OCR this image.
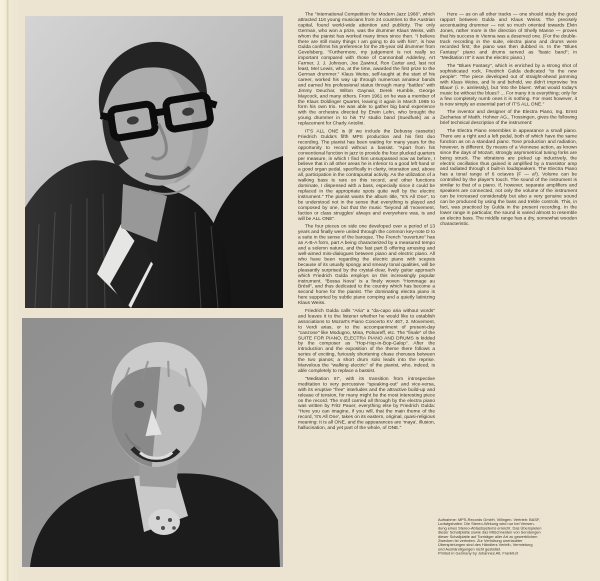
The "International Competition for Modern Jazz 1966", which attracted 116 young musicians from 24 countries to the Austrian capital, found world-wide attention and publicity. The only German, who won a prize, was the drummer Klaus Weiss, with whom the pianist has worked many times since then. "I believe there are still many things I am going to do with him", is how Gulda confirms his preference for the 25-year old drummer from Gevelsberg. "Furthermore, my judgement is not really so important compared with those of Cannonball Adderley, Art Farmer, J. J. Johnson, Joe Zawinul, Ron Carter and, last not least, Mel Lewis, who, at the time, awarded the first prize to the German drummer." Klaus Weiss, self-taught at the start of his career, worked his way up through numerous amateur bands and earned his professional status through many "battles" with Jimmy Deuchar, Wilton Gaynair, Derek Humble, George Maycock, and many others. From 1961 on he was a member of the Klaus Doldinger Quartet, leaving it again in March 1965 to form his own trio. He was able to gather big band experience with the orchestra directed by Erwin Lehn, who brought the young drummer in to his TV studio band (Suedfunk) as a replacement for Charly Antolini.

IT'S ALL ONE is (if we include the Debussy cassette) Friedrich Gulda's fifth MPS production and his first duo recording. The pianist has been waiting for many years for the opportunity to record without a bassist. "Apart from his conventional function in jazz to provide the four plucked quarters per measure, in which I find him unsurpassed now as before, I believe that in all other areas he is inferior to a good left hand or a good organ pedal, specifically in clarity, intonation and, above all, participation in the contrapuntal activity. As the utilization of a walking bass is rare on this record, and other functions dominate, I dispensed with a bass, especially since it could be replaced in the appropriate spots quite well by the electric instrument." The pianist wants the album title, "It's All One", to be understood not in the sense that everything is played and composed by one, but that the music "beyond all 'movement, faction or class struggles' always and everywhere was, is and will be ALL ONE".

The four pieces on side one developed over a period of 13 years and finally were united through the common key-note D to a suite in the sense of the baroque. The French "ouverture" has an A-B-A form, part A being characterized by a measured tempo and a solemn nature, and the fast part B offering amusing and well-aimed mini-dialogues between piano and electric piano. All who have been regarding the electric piano with scepsis because of its usually spongy and smeary tonal qualities, will be pleasantly surprised by the crystal-clear, lively guitar approach which Friedrich Gulda employs on this increasingly popular instrument. "Bossa Nova" is a finely woven "Hommage au Brésil", and thus dedicated to the country which has become a second home for the pianist. The dominating electra piano is here supported by subtle piano comping and a quietly latinizing Klaus Weiss.

Friedrich Gulda calls "Aria" a "da-capo aria without words" and leaves it to the listener whether he would like to establish associations to Mozart's Piano Concerto KV 467, 2. Movement, to Verdi arias, or to the accompaniment of present-day "canzone" like Modugno, Mina, Polnareff, etc. The "finale" of the SUITE FOR PIANO, ELECTRA PIANO AND DRUMS is kidded by the composer as "Hop-Hop-in-Bop-Galop". After the introduction and the exposition of the theme there follows a series of exciting, furiously shortening chase choruses between the two pianos; a short drum solo leads into the reprise. Marvelous the "walking electric" of the pianist, who, indeed, is able completely to replace a bassist.

"Meditation III", with its transition from introspective meditation to very percussive "speaking-out" and vice-versa, with its eruptive "free" interludes and the attractive build-up and release of tension, for many might be the most interesting piece on the record. The motif carried all through by the electra piano was written by Fritz Pauer, everything else by Friedrich Gulda: "Here you can imagine, if you will, that the main theme of the record, 'It's All One', takes on its eastern, original, quasi-religious meaning: It is all ONE, and the appearances are 'maya', illusion, hallucination, and yet part of the whole, of ONE."

Here — as on all other tracks — one should study the good rapport between Gulda and Klaus Weiss. The precisely accentuating drummer — not so much oriented towards Elvin Jones, rather more in the direction of Shelly Manne — proves that his success in Vienna was a deserved one. (For the double-track recording in the suite, electra piano and drums were recorded first; the piano was then dubbed in. In the "Blues Fantasy" piano and drums served as "basic band"; in "Meditation III" it was the electric piano.)

The "Blues Fantasy", which is enriched by a strong shot of sophisticated rock, Friedrich Gulda dedicated "to the new people": "The piece developed out of straight-ahead jamming with Klaus Weiss, and lo and behold, we didn't improvise 'ins Blaue' (i. e. aimlessly), but 'into the blues'. What would today's music be without the blues? ... For many it is everything; only for a few completely numb ones it is nothing. For most however, it is now simply an essential part of IT'S ALL ONE."

The inventor and designer of the Electra Piano, Ing. Ernst Zacharias of Matth. Hohner AG., Trossingen, gives the following brief technical description of the instrument:

The Electra Piano resembles in appearance a small piano. There are a right and a left pedal, both of which have the same function as on a standard piano. Tone production and radiation, however, is different. By means of a Viennese action, as known since the days of Mozart, strongly asymmetrical tuning forks are being struck. The vibrations are picked up inductively, the electric oscillation thus gained is amplified by a transistor amp and radiated through 4 built-in loudspeakers. The Electra Piano has a tonal range of 6 octaves (F — a³). Volume can be controlled by the player's touch. The sound of the instrument is similar to that of a piano. If, however, separate amplifiers and speakers are connected, not only the volume of the instrument can be increased considerably but also a very genuine sound can be produced by using the bass and treble controls. This, in fact, was practiced by Gulda in the present recording. In the lower range in particular, the sound is varied almost to resemble an electro bass. The middle range has a dry, somewhat wooden characteristic.

Aufnahme: MPS-Records GmbH, Villingen. Vertrieb: BASF,
Ludwigshafen. Die Stereo-Wirkung wird nur bei Verwen-
dung eines Stereo-Abtastsystems erreicht. Das Überspielen
dieser Schallplatte sowie das Mitschneiden von Sendungen
dieser Schallplatte auf Tonträger aller Art zu gewerblichen
Zwecken ist verboten. Zur Verhütung unerlaubter
Überspielungen sind des Händlers Verleih, Vermietung
und Aushändigungen nicht gestattet.
Printed in Germany by Johannes Alt, Frankfurt
